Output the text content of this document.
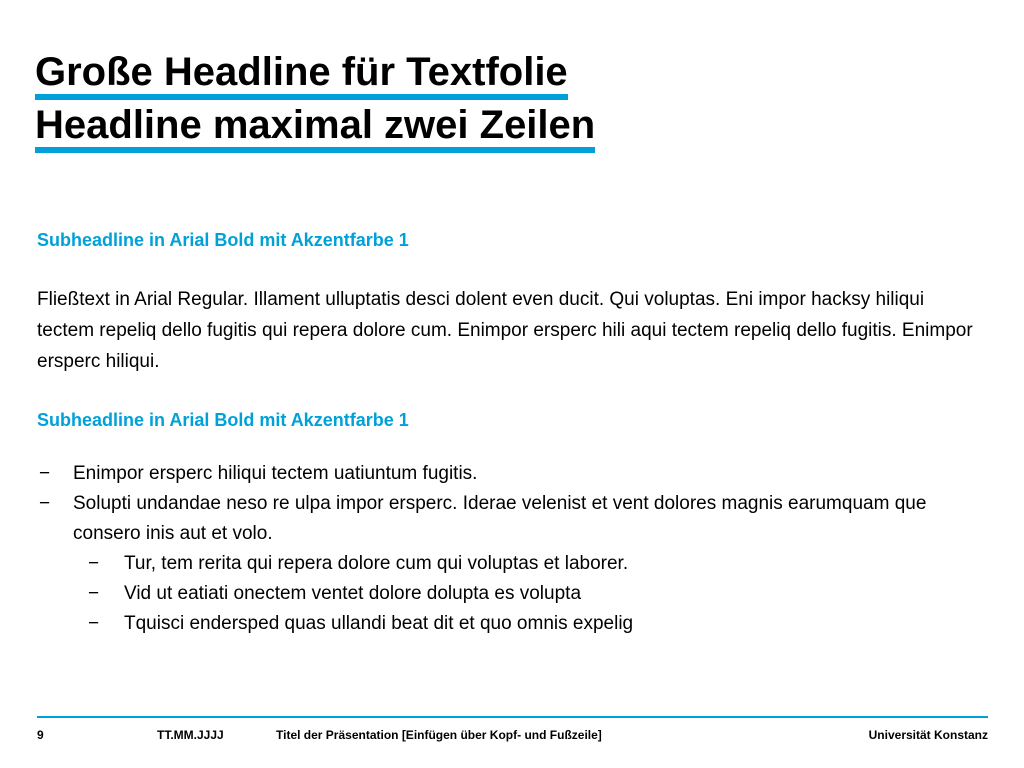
Große Headline für Textfolie
Headline maximal zwei Zeilen
Subheadline in Arial Bold mit Akzentfarbe 1
Fließtext in Arial Regular. Illament ulluptatis desci dolent even ducit. Qui voluptas. Eni impor hacksy hiliqui tectem repeliq dello fugitis qui repera dolore cum. Enimpor ersperc hili aqui tectem repeliq dello fugitis. Enimpor ersperc hiliqui.
Subheadline in Arial Bold mit Akzentfarbe 1
− Enimpor ersperc hiliqui tectem uatiuntum fugitis.
− Solupti undandae neso re ulpa impor ersperc. Iderae velenist et vent dolores magnis earumquam que consero inis aut et volo.
− Tur, tem rerita qui repera dolore cum qui voluptas et laborer.
− Vid ut eatiati onectem ventet dolore dolupta es volupta
− Tquisci endersped quas ullandi beat dit et quo omnis expelig
9	TT.MM.JJJJ	Titel der Präsentation [Einfügen über Kopf- und Fußzeile]	Universität Konstanz
